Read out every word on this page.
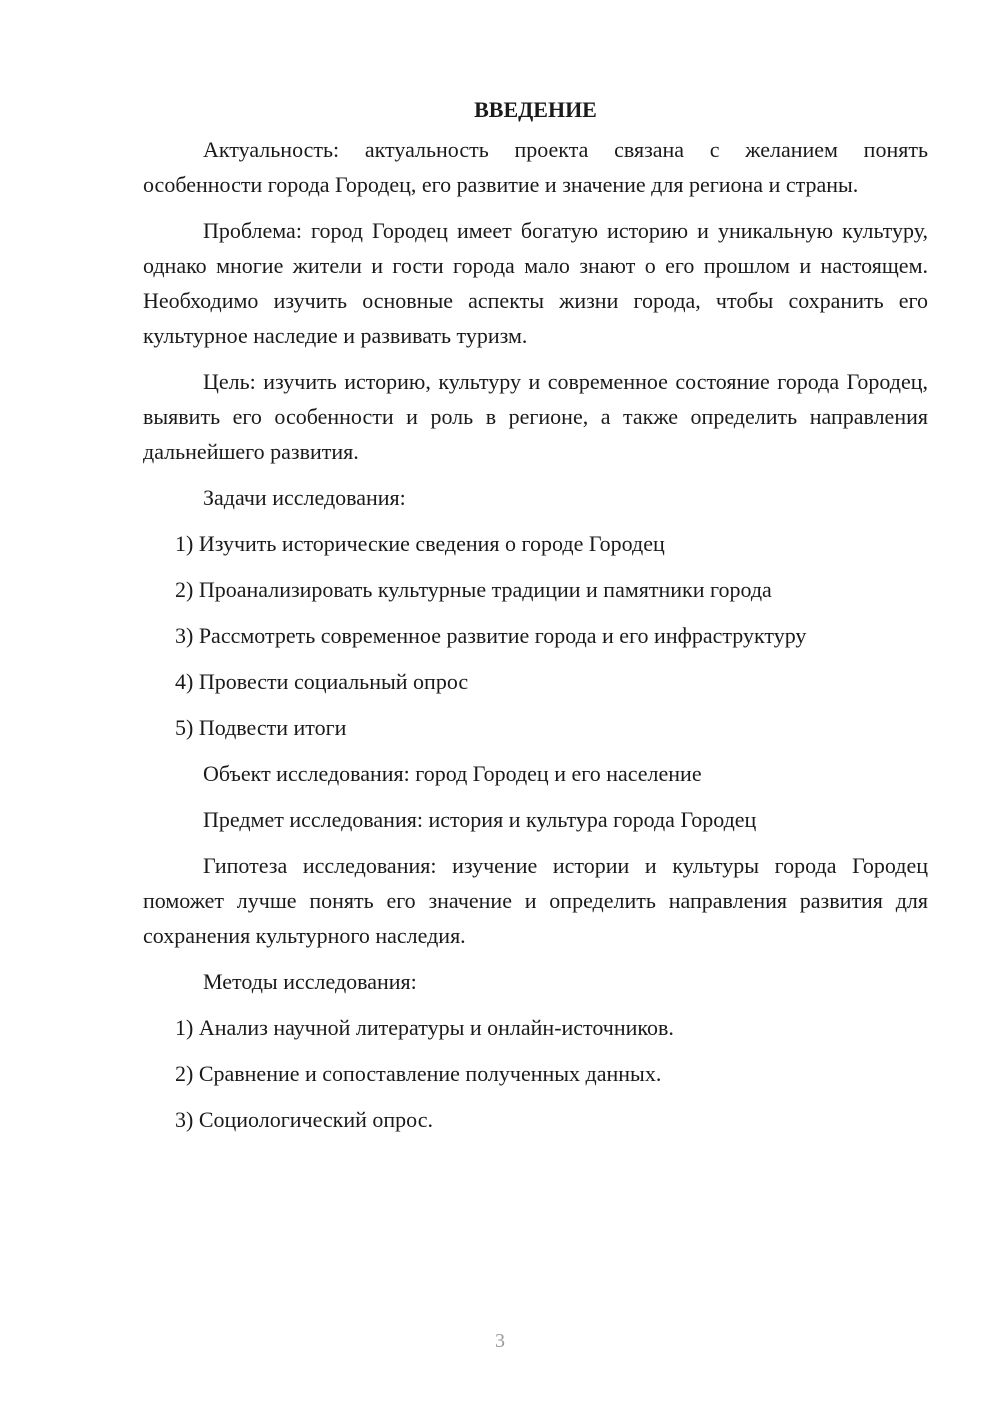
ВВЕДЕНИЕ

Актуальность: актуальность проекта связана с желанием понять особенности города Городец, его развитие и значение для региона и страны.

Проблема: город Городец имеет богатую историю и уникальную культуру, однако многие жители и гости города мало знают о его прошлом и настоящем. Необходимо изучить основные аспекты жизни города, чтобы сохранить его культурное наследие и развивать туризм.

Цель: изучить историю, культуру и современное состояние города Городец, выявить его особенности и роль в регионе, а также определить направления дальнейшего развития.

Задачи исследования:

1) Изучить исторические сведения о городе Городец
2) Проанализировать культурные традиции и памятники города
3) Рассмотреть современное развитие города и его инфраструктуру
4) Провести социальный опрос
5) Подвести итоги

Объект исследования: город Городец и его население

Предмет исследования: история и культура города Городец

Гипотеза исследования: изучение истории и культуры города Городец поможет лучше понять его значение и определить направления развития для сохранения культурного наследия.

Методы исследования:

1) Анализ научной литературы и онлайн-источников.
2) Сравнение и сопоставление полученных данных.
3) Социологический опрос.
3
